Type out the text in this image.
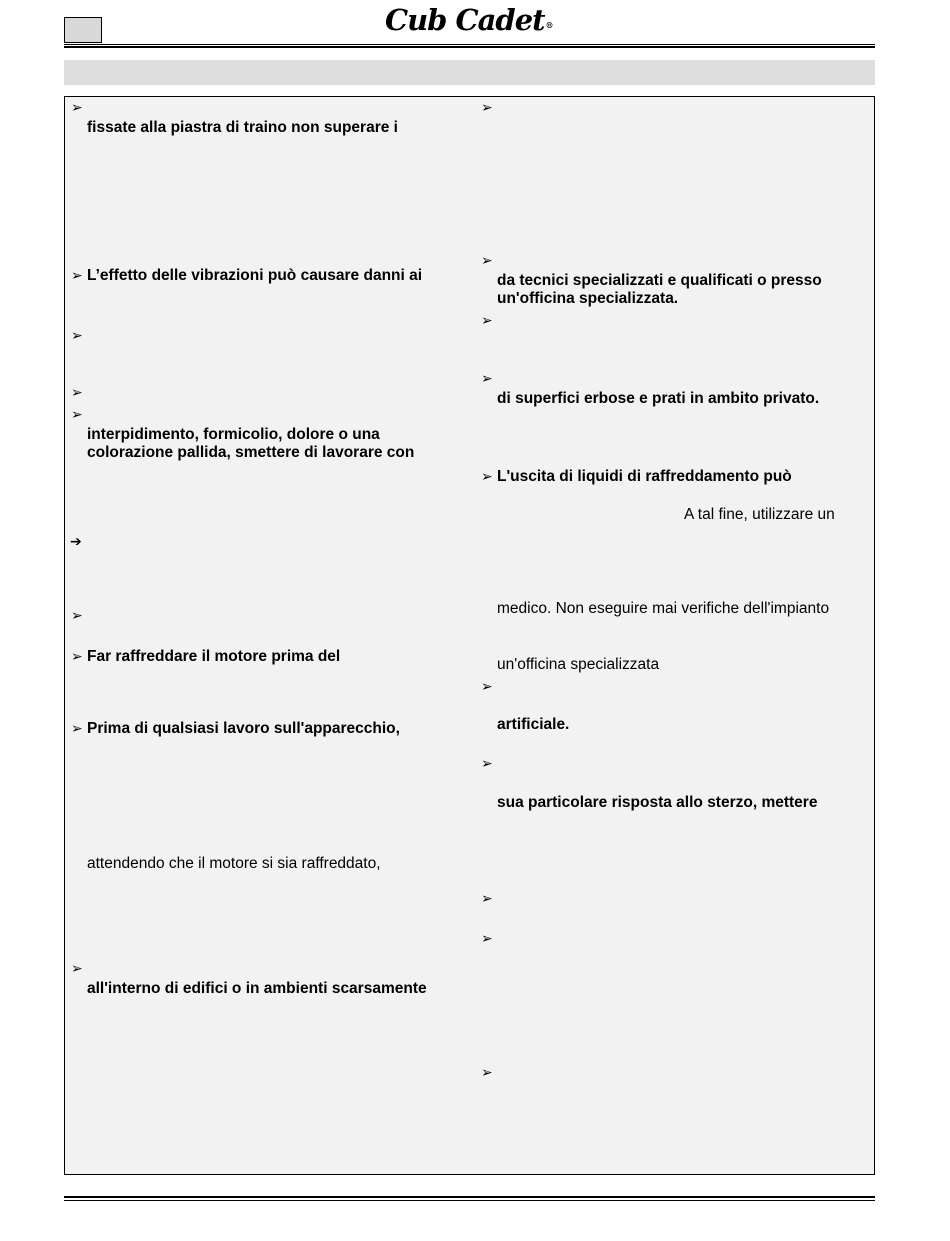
Cub Cadet®
➢
fissate alla piastra di traino non superare i
➢ L’effetto delle vibrazioni può causare danni ai
➢
➢
➢
interpidimento, formicolio, dolore o una
colorazione pallida, smettere di lavorare con
➔
➢
➢ Far raffreddare il motore prima del
➢ Prima di qualsiasi lavoro sull'apparecchio,
attendendo che il motore si sia raffreddato,
➢
all'interno di edifici o in ambienti scarsamente
➢
➢
da tecnici specializzati e qualificati o presso
un'officina specializzata.
➢
➢
di superfici erbose e prati in ambito privato.
➢ L'uscita di liquidi di raffreddamento può
A tal fine, utilizzare un
medico. Non eseguire mai verifiche dell'impianto
un'officina specializzata
➢
artificiale.
➢
sua particolare risposta allo sterzo, mettere
➢
➢
➢
